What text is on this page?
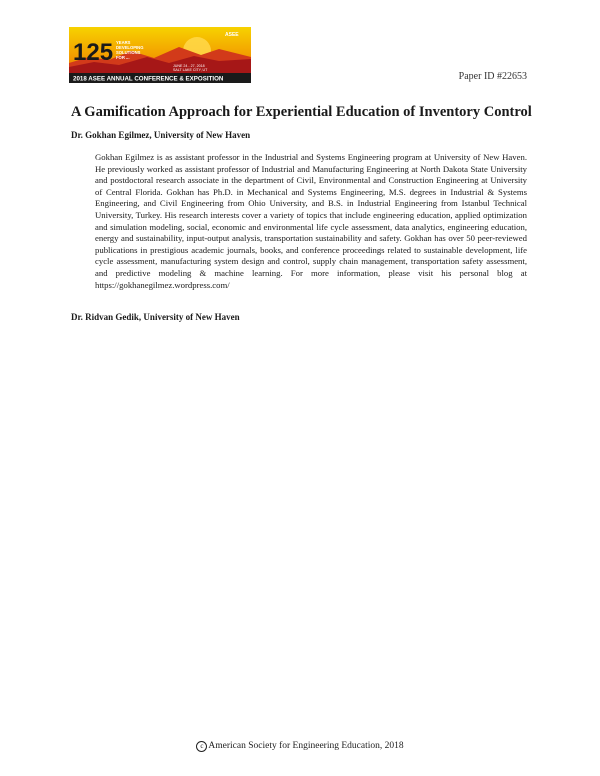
2018 ASEE ANNUAL CONFERENCE & EXPOSITION
125 YEARS
DEVELOPING
SOLUTIONS
FOR ...
JUNE 24 - 27, 2018
SALT LAKE CITY, UT
ASEE
Paper ID #22653
A Gamification Approach for Experiential Education of Inventory Control

Dr. Gokhan Egilmez, University of New Haven

Gokhan Egilmez is as assistant professor in the Industrial and Systems Engineering program at University of New Haven. He previously worked as assistant professor of Industrial and Manufacturing Engineering at North Dakota State University and postdoctoral research associate in the department of Civil, Environmental and Construction Engineering at University of Central Florida. Gokhan has Ph.D. in Mechanical and Systems Engineering, M.S. degrees in Industrial & Systems Engineering, and Civil Engineering from Ohio University, and B.S. in Industrial Engineering from Istanbul Technical University, Turkey. His research interests cover a variety of topics that include engineering education, applied optimization and simulation modeling, social, economic and environmental life cycle assessment, data analytics, engineering education, energy and sustainability, input-output analysis, transportation sustainability and safety. Gokhan has over 50 peer-reviewed publications in prestigious academic journals, books, and conference proceedings related to sustainable development, life cycle assessment, manufacturing system design and control, supply chain management, transportation safety assessment, and predictive modeling & machine learning. For more information, please visit his personal blog at https://gokhanegilmez.wordpress.com/

Dr. Ridvan Gedik, University of New Haven

c American Society for Engineering Education, 2018
